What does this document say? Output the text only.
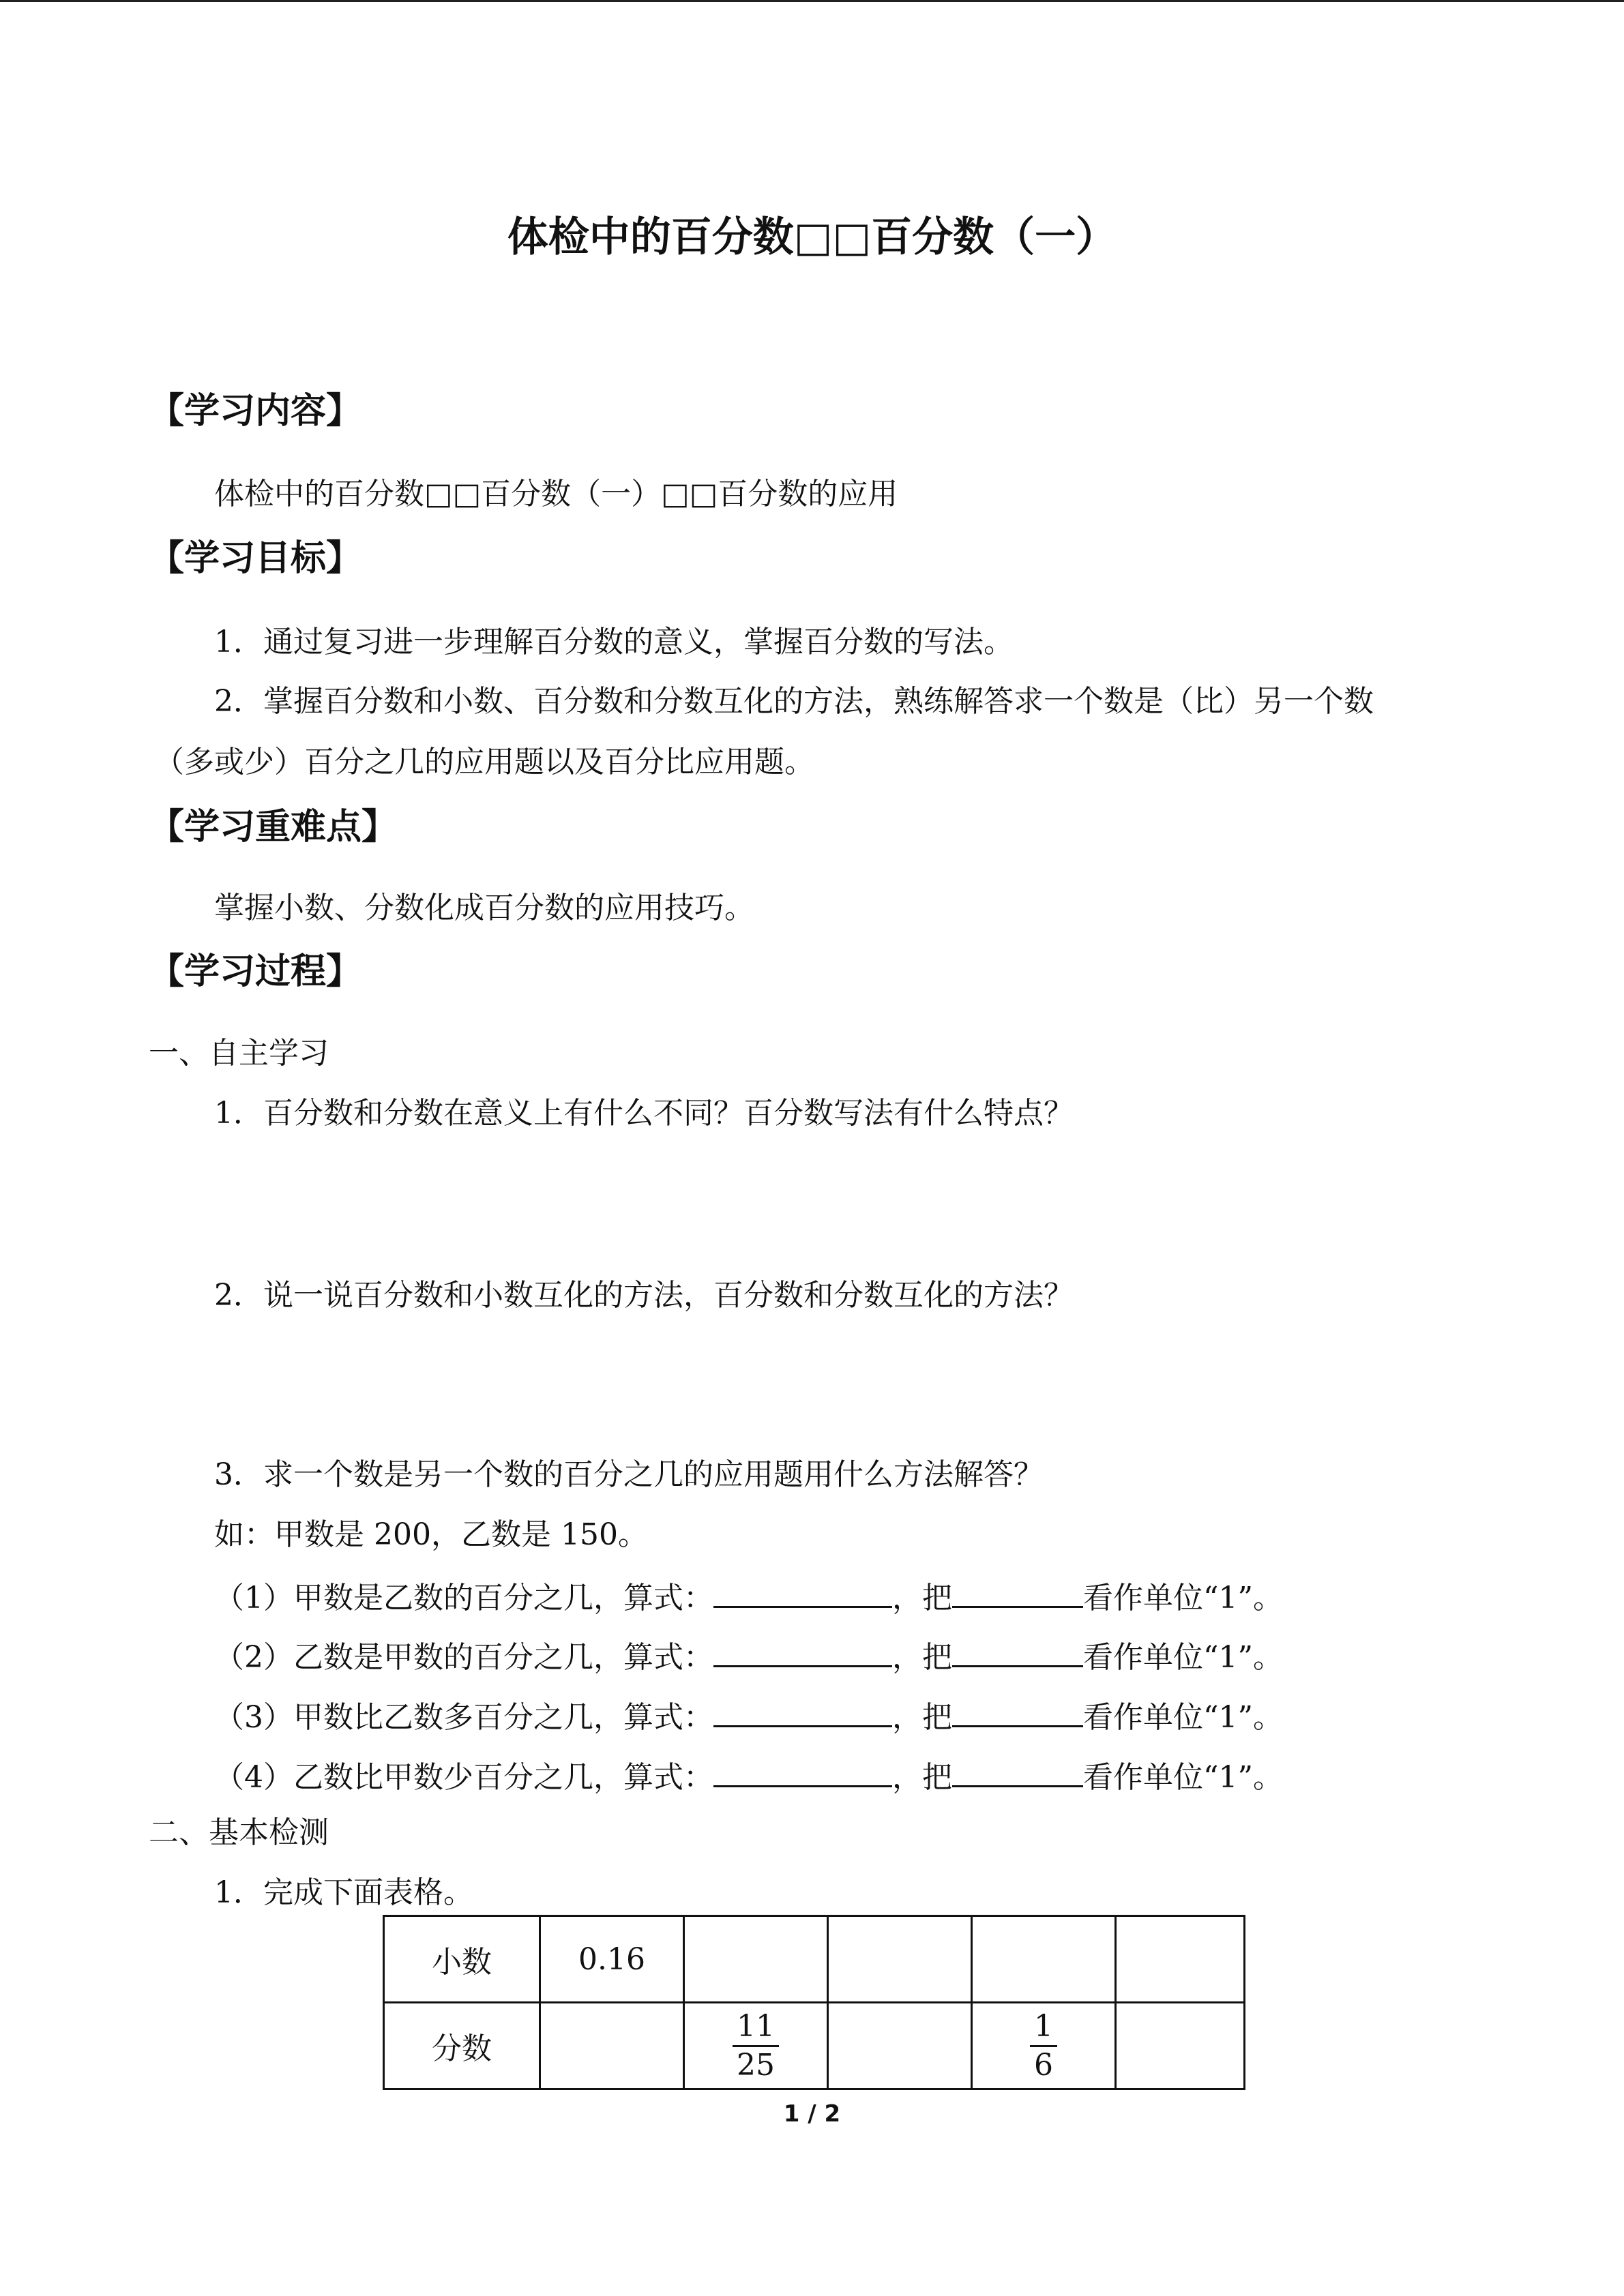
体检中的百分数□□百分数（一）
【学习内容】
体检中的百分数□□百分数（一）□□百分数的应用
【学习目标】
1．通过复习进一步理解百分数的意义，掌握百分数的写法。
2．掌握百分数和小数、百分数和分数互化的方法，熟练解答求一个数是（比）另一个数
（多或少）百分之几的应用题以及百分比应用题。
【学习重难点】
掌握小数、分数化成百分数的应用技巧。
【学习过程】
一、自主学习
1．百分数和分数在意义上有什么不同？百分数写法有什么特点？
2．说一说百分数和小数互化的方法，百分数和分数互化的方法？
3．求一个数是另一个数的百分之几的应用题用什么方法解答？
如：甲数是 200，乙数是 150。
（1）甲数是乙数的百分之几，算式：	，把	看作单位“1”。
（2）乙数是甲数的百分之几，算式：	，把	看作单位“1”。
（3）甲数比乙数多百分之几，算式：	，把	看作单位“1”。
（4）乙数比甲数少百分之几，算式：	，把	看作单位“1”。
二、基本检测
1．完成下面表格。
小数	0.16				
分数		$\frac{11}{25}$		$\frac{1}{6}$

1 / 2
